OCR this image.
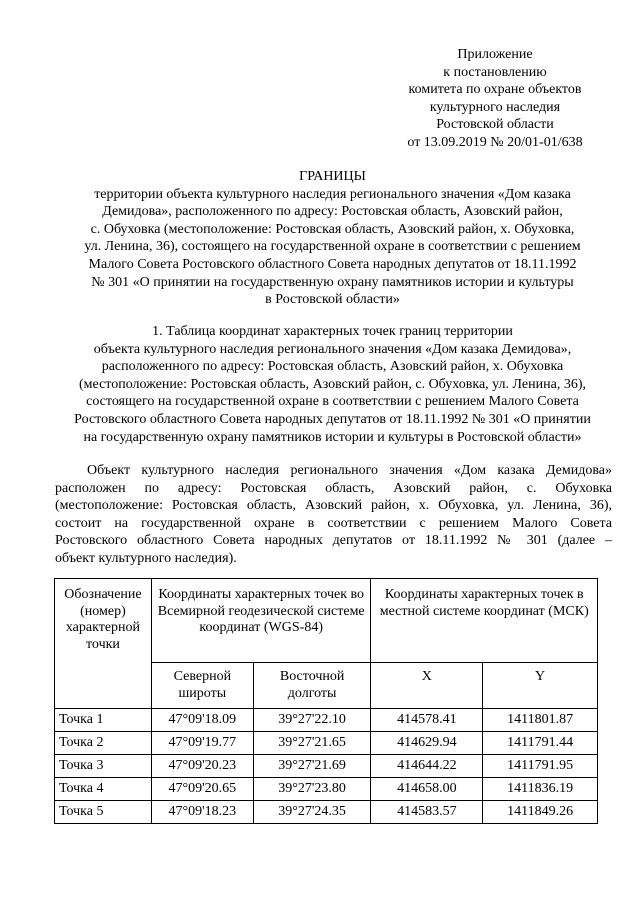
Приложение
к постановлению
комитета по охране объектов
культурного наследия
Ростовской области
от 13.09.2019 № 20/01-01/638
ГРАНИЦЫ
территории объекта культурного наследия регионального значения «Дом казака
Демидова», расположенного по адресу: Ростовская область, Азовский район,
с. Обуховка (местоположение: Ростовская область, Азовский район, х. Обуховка,
ул. Ленина, 36), состоящего на государственной охране в соответствии с решением
Малого Совета Ростовского областного Совета народных депутатов от 18.11.1992
№ 301 «О принятии на государственную охрану памятников истории и культуры
в Ростовской области»
1. Таблица координат характерных точек границ территории
объекта культурного наследия регионального значения «Дом казака Демидова»,
расположенного по адресу: Ростовская область, Азовский район, х. Обуховка
(местоположение: Ростовская область, Азовский район, с. Обуховка, ул. Ленина, 36),
состоящего на государственной охране в соответствии с решением Малого Совета
Ростовского областного Совета народных депутатов от 18.11.1992 № 301 «О принятии
на государственную охрану памятников истории и культуры в Ростовской области»
Объект культурного наследия регионального значения «Дом казака Демидова»
расположен по адресу: Ростовская область, Азовский район, с. Обуховка
(местоположение: Ростовская область, Азовский район, х. Обуховка, ул. Ленина, 36),
состоит на государственной охране в соответствии с решением Малого Совета
Ростовского областного Совета народных депутатов от 18.11.1992 № 301 (далее –
объект культурного наследия).
Обозначение (номер) характерной точки	Координаты характерных точек во Всемирной геодезической системе координат (WGS-84)		Координаты характерных точек в местной системе координат (МСК)	
	Северной широты	Восточной долготы	X	Y
Точка 1	47°09'18.09	39°27'22.10	414578.41	1411801.87
Точка 2	47°09'19.77	39°27'21.65	414629.94	1411791.44
Точка 3	47°09'20.23	39°27'21.69	414644.22	1411791.95
Точка 4	47°09'20.65	39°27'23.80	414658.00	1411836.19
Точка 5	47°09'18.23	39°27'24.35	414583.57	1411849.26
